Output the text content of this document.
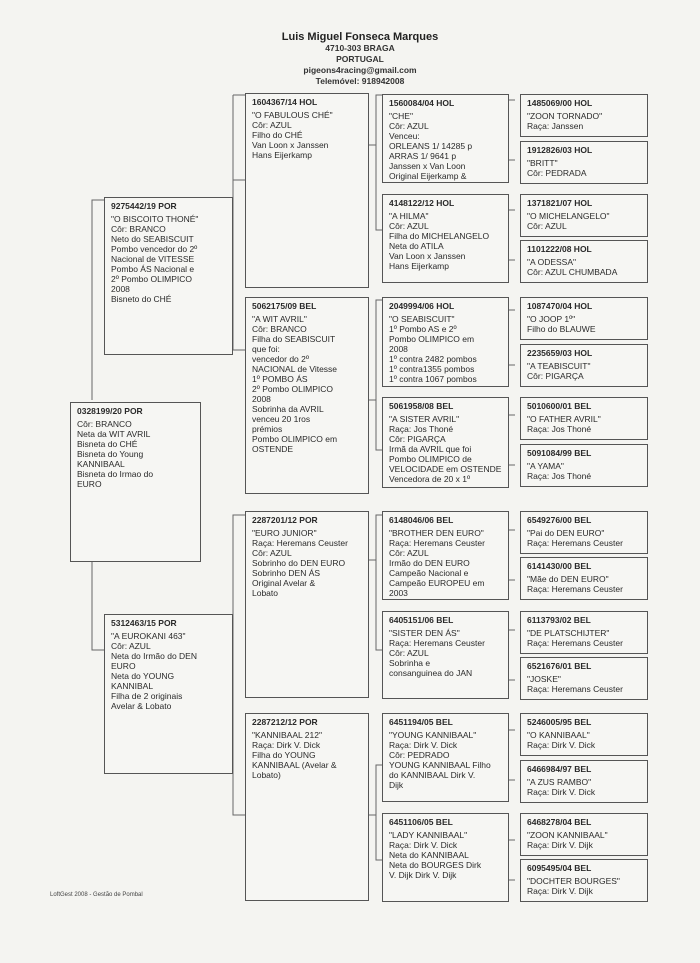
Luis Miguel Fonseca Marques
4710-303 BRAGA
PORTUGAL
pigeons4racing@gmail.com
Telemóvel: 918942008
9275442/19 POR
"O BISCOITO THONÉ"
Côr: BRANCO
Neto do SEABISCUIT
Pombo vencedor do 2º
Nacional de VITESSE
Pombo ÁS Nacional e
2º Pombo OLIMPICO
2008
Bisneto do CHÉ
0328199/20 POR
Côr: BRANCO
Neta da WIT AVRIL
Bisneta do CHÉ
Bisneta do Young
KANNIBAAL
Bisneta do Irmao do
EURO
5312463/15 POR
"A EUROKANI 463"
Côr: AZUL
Neta do Irmão do DEN
EURO
Neta do YOUNG
KANNIBAL
Filha de 2 originais
Avelar & Lobato
1604367/14 HOL
"O FABULOUS CHÉ"
Côr: AZUL
Filho do CHÉ
Van Loon x Janssen
Hans Eijerkamp
5062175/09 BEL
"A WIT AVRIL"
Côr: BRANCO
Filha do SEABISCUIT
que foi:
vencedor do 2º
NACIONAL de Vitesse
1º POMBO ÁS
2º Pombo OLIMPICO
2008
Sobrinha da AVRIL
venceu 20 1ros
prémios
Pombo OLIMPICO em
OSTENDE
2287201/12 POR
"EURO JUNIOR"
Raça: Heremans Ceuster
Côr: AZUL
Sobrinho do DEN EURO
Sobrinho DEN ÁS
Original Avelar &
Lobato
2287212/12 POR
"KANNIBAAL 212"
Raça: Dirk V. Dick
Filha do YOUNG
KANNIBAAL (Avelar &
Lobato)
1560084/04 HOL
"CHE"
Côr: AZUL
Venceu:
ORLEANS 1/ 14285 p
ARRAS 1/ 9641 p
Janssen x Van Loon
Original Eijerkamp &
4148122/12 HOL
"A HILMA"
Côr: AZUL
Filha do MICHELANGELO
Neta do ATILA
Van Loon x Janssen
Hans Eijerkamp
2049994/06 HOL
"O SEABISCUIT"
1º Pombo AS e 2º
Pombo OLIMPICO em
2008
1º contra 2482 pombos
1º contra1355 pombos
1º contra 1067 pombos
5061958/08 BEL
"A SISTER AVRIL"
Raça: Jos Thoné
Côr: PIGARÇA
Irmã da AVRIL que foi
Pombo OLIMPICO de
VELOCIDADE em OSTENDE
Vencedora de 20 x 1º
6148046/06 BEL
"BROTHER DEN EURO"
Raça: Heremans Ceuster
Côr: AZUL
Irmão do DEN EURO
Campeão Nacional e
Campeão EUROPEU em
2003
6405151/06 BEL
"SISTER DEN ÁS"
Raça: Heremans Ceuster
Côr: AZUL
Sobrinha e
consanguinea do JAN
6451194/05 BEL
"YOUNG KANNIBAAL"
Raça: Dirk V. Dick
Côr: PEDRADO
YOUNG KANNIBAAL Filho
do KANNIBAAL Dirk V.
Dijk
6451106/05 BEL
"LADY KANNIBAAL"
Raça: Dirk V. Dick
Neta do KANNIBAAL
Neta do BOURGES Dirk
V. Dijk Dirk V. Dijk
1485069/00 HOL
"ZOON TORNADO"
Raça: Janssen
1912826/03 HOL
"BRITT"
Côr: PEDRADA
1371821/07 HOL
"O MICHELANGELO"
Côr: AZUL
1101222/08 HOL
"A ODESSA"
Côr: AZUL CHUMBADA
1087470/04 HOL
"O JOOP 1º"
Filho do BLAUWE
2235659/03 HOL
"A TEABISCUIT"
Côr: PIGARÇA
5010600/01 BEL
"O FATHER AVRIL"
Raça: Jos Thoné
5091084/99 BEL
"A YAMA"
Raça: Jos Thoné
6549276/00 BEL
"Pai do DEN EURO"
Raça: Heremans Ceuster
6141430/00 BEL
"Mãe do DEN EURO"
Raça: Heremans Ceuster
6113793/02 BEL
"DE PLATSCHIJTER"
Raça: Heremans Ceuster
6521676/01 BEL
"JOSKE"
Raça: Heremans Ceuster
5246005/95 BEL
"O KANNIBAAL"
Raça: Dirk V. Dick
6466984/97 BEL
"A ZUS RAMBO"
Raça: Dirk V. Dick
6468278/04 BEL
"ZOON KANNIBAAL"
Raça: Dirk V. Dijk
6095495/04 BEL
"DOCHTER BOURGES"
Raça: Dirk V. Dijk
LoftGest 2008 - Gestão de Pombal
